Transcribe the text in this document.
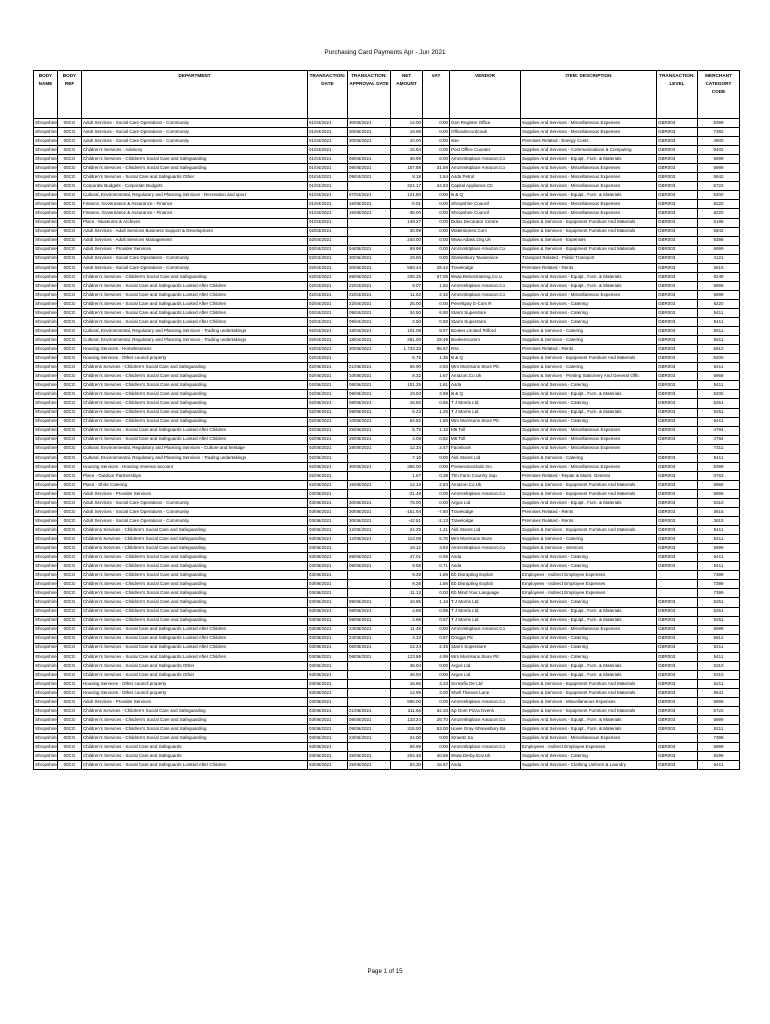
Purchasing Card Payments Apr - Jun 2021
BODY NAME	BODY REF	DEPARTMENT	TRANSACTION: DATE	TRANSACTION: APPROVAL DATE	NET AMOUNT	VAT	VENDOR	ITEM: DESCRIPTION	TRANSACTION: LEVEL	MERCHANT CATEGORY CODE
Shropshire	00CG	Adult Services - Social Care Operations - Community	01/04/2021	30/06/2021	14.00	0.00	Gen Register Office	Supplies And Services - Miscellaneous Expenses	GBR003	9399
Shropshire	00CG	Adult Services - Social Care Operations - Community	01/04/2021	30/06/2021	19.98	0.00	Officialrecordcouk	Supplies And Services - Miscellaneous Expenses	GBR003	7392
Shropshire	00CG	Adult Services - Social Care Operations - Community	01/04/2021	30/06/2021	10.00	0.00	Sse	Premises Related - Energy Costs	GBR003	4900
Shropshire	00CG	Children's Services - Advisory	01/04/2021		15.84	0.00	Post Office Counter	Supplies And Services - Communications & Computing	GBR003	9402
Shropshire	00CG	Children's Services - Children's Social Care and Safeguarding	01/04/2021	08/06/2021	39.99	8.00	Amznmktplace Amazon.Co	Supplies And Services - Equipt., Furn. & Materials	GBR003	5999
Shropshire	00CG	Children's Services - Children's Social Care and Safeguarding	01/04/2021	08/06/2021	157.88	31.59	Amznmktplace Amazon.Co	Supplies And Services - Miscellaneous Expenses	GBR003	5999
Shropshire	00CG	Children's Services - Social Care and Safeguards Other	01/04/2021	09/04/2021	8.18	1.64	Asda Petrol	Supplies And Services - Miscellaneous Expenses	GBR003	5542
Shropshire	00CG	Corporate Budgets - Corporate Budgets	01/04/2021		224.17	44.83	Capital Appliance Ctr	Supplies And Services - Miscellaneous Expenses	GBR003	5722
Shropshire	00CG	Cultural, Environmental, Regulatory and Planning Services - Recreation and sport	01/04/2021	07/04/2021	121.80	0.00	B & Q	Supplies And Services - Equipt., Furn. & Materials	GBR003	5200
Shropshire	00CG	Finance, Governance & Assurance - Finance	01/04/2021	16/06/2021	-0.01	0.00	Shropshire Council	Supplies And Services - Miscellaneous Expenses	GBR003	8220
Shropshire	00CG	Finance, Governance & Assurance - Finance	01/04/2021	16/06/2021	-35.00	0.00	Shropshire Council	Supplies And Services - Miscellaneous Expenses	GBR003	8220
Shropshire	00CG	Place - Museums & Archives	01/04/2021		149.27	0.00	Dulux Decorator Centre	Supplies & Services - Equipment Furniture And Materials	GBR003	5198
Shropshire	00CG	Adult Services - Adult Services Business Support & Development	02/04/2021		30.99	0.00	Waterstones.Com	Supplies & Services - Equipment Furniture And Materials	GBR003	5942
Shropshire	00CG	Adult Services - Adult Services Management	02/04/2021		240.00	0.00	Www.Adass.Org.Uk	Supplies & Services - Expenses	GBR003	8398
Shropshire	00CG	Adult Services - Provider Services	02/04/2021	04/05/2021	69.98	0.00	Amznmktplace Amazon.Co	Supplies & Services - Equipment Furniture And Materials	GBR003	5999
Shropshire	00CG	Adult Services - Social Care Operations - Community	02/04/2021	30/06/2021	19.60	0.00	Shrewsbury Taxiservice	Transport Related - Public Transport	GBR003	4121
Shropshire	00CG	Adult Services - Social Care Operations - Community	02/04/2021	30/06/2021	568.44	28.42	Travelodge	Premises Related - Rents	GBR003	3615
Shropshire	00CG	Children's Services - Children's Social Care and Safeguarding	02/04/2021	08/06/2021	335.25	67.05	Www.Rebostraining.Co.U	Supplies And Services - Equipt., Furn. & Materials	GBR003	8249
Shropshire	00CG	Children's Services - Social Care and Safeguards Looked After Children	02/04/2021	22/04/2021	9.07	1.82	Amznmktplace Amazon.Co	Supplies And Services - Equipt., Furn. & Materials	GBR003	5999
Shropshire	00CG	Children's Services - Social Care and Safeguards Looked After Children	02/04/2021	22/04/2021	11.62	2.32	Amznmktplace Amazon.Co	Supplies And Services - Miscellaneous Expenses	GBR003	5999
Shropshire	00CG	Children's Services - Social Care and Safeguards Looked After Children	02/04/2021	22/04/2021	25.00	0.00	Perrettpay E-Com R	Supplies And Services - Catering	GBR003	8220
Shropshire	00CG	Children's Services - Social Care and Safeguards Looked After Children	02/04/2021	09/04/2021	34.50	6.90	Starrs Superstore	Supplies And Services - Catering	GBR003	5411
Shropshire	00CG	Children's Services - Social Care and Safeguards Looked After Children	02/04/2021	09/04/2021	2.50	0.50	Starrs Superstore	Supplies And Services - Catering	GBR003	5411
Shropshire	00CG	Cultural, Environmental, Regulatory and Planning Services - Trading undertakings	02/04/2021	18/04/2021	101.08	9.57	Booker Limited Telford	Supplies & Services - Catering	GBR003	5811
Shropshire	00CG	Cultural, Environmental, Regulatory and Planning Services - Trading undertakings	02/04/2021	18/04/2021	281.00	29.49	Bookerecomm	Supplies & Services - Catering	GBR003	5811
Shropshire	00CG	Housing Services - Homelessness	02/04/2021	30/06/2021	1,733.33	86.67	Rss	Premises Related - Rents	GBR003	5812
Shropshire	00CG	Housing Services - Other council property	02/04/2021		6.75	1.35	B & Q	Supplies & Services - Equipment Furniture And Materials	GBR003	5200
Shropshire	00CG	Childrens Services - Children's Social Care and Safeguarding	02/06/2021	21/06/2021	69.90	3.50	Wm Morrisons Store Plc	Supplies & Services - Catering	GBR003	5411
Shropshire	00CG	Children's Services - Children's Social Care and Safeguarding	02/06/2021	10/06/2021	8.32	1.67	Amazon.Co.Uk	Supplies & Services - Printing Stationery And General Offic	GBR003	5969
Shropshire	00CG	Children's Services - Children's Social Care and Safeguarding	02/06/2021	08/06/2021	101.25	1.61	Asda	Supplies And Services - Catering	GBR003	5411
Shropshire	00CG	Children's Services - Children's Social Care and Safeguarding	02/06/2021	08/06/2021	19.93	3.99	B & Q	Supplies And Services - Equipt., Furn. & Materials	GBR003	5200
Shropshire	00CG	Children's Services - Children's Social Care and Safeguarding	02/06/2021	08/06/2021	15.60	0.86	T J Morris Ltd	Supplies And Services - Catering	GBR003	5251
Shropshire	00CG	Children's Services - Children's Social Care and Safeguarding	02/06/2021	08/06/2021	6.23	1.25	T J Morris Ltd	Supplies And Services - Equipt., Furn. & Materials	GBR003	5251
Shropshire	00CG	Children's Services - Children's Social Care and Safeguarding	02/06/2021	10/06/2021	64.82	1.86	Wm Morrisons Store Plc	Supplies And Services - Catering	GBR003	5411
Shropshire	00CG	Children's Services - Social Care and Safeguards Looked After Children	02/06/2021	25/06/2021	5.75	1.15	M6 Toll	Supplies And Services - Miscellaneous Expenses	GBR003	4784
Shropshire	00CG	Children's Services - Social Care and Safeguards Looked After Children	02/06/2021	25/06/2021	4.08	0.82	M6 Toll	Supplies And Services - Miscellaneous Expenses	GBR003	4784
Shropshire	00CG	Cultural, Environmental, Regulatory and Planning Services - Culture and heritage	02/06/2021	28/06/2021	12.34	2.47	Facebook	Supplies And Services - Miscellaneous Expenses		7311
Shropshire	00CG	Cultural, Environmental, Regulatory and Planning Services - Trading undertakings	02/06/2021		7.16	0.00	Aldi Stores Ltd	Supplies & Services - Catering	GBR003	5411
Shropshire	00CG	Housing Services - Housing revenue account	02/06/2021	30/06/2021	355.00	0.00	Possessionclaim.Go	Supplies And Services - Miscellaneous Expenses	GBR003	9399
Shropshire	00CG	Place - Outdoor Partnerships	02/06/2021		1.67	0.38	Tfm Farm Country Sup	Premises Related - Repair & Maint. General	GBR003	0763
Shropshire	00CG	Place - Shire Catering	02/06/2021	16/06/2021	14.13	2.83	Amazon.Co.Uk	Supplies & Services - Equipment Furniture And Materials	GBR003	5969
Shropshire	00CG	Adult Services - Provider Services	03/06/2021		-21.49	0.00	Amznmktplace Amazon.Co	Supplies & Services - Equipment Furniture And Materials	GBR003	5999
Shropshire	00CG	Adult Services - Social Care Operations - Community	03/06/2021	30/06/2021	75.00	0.00	Argos Ltd	Supplies And Services - Equipt., Furn. & Materials	GBR003	5310
Shropshire	00CG	Adult Services - Social Care Operations - Community	03/06/2021	30/06/2021	-151.94	-7.60	Travelodge	Premises Related - Rents	GBR003	3615
Shropshire	00CG	Adult Services - Social Care Operations - Community	03/06/2021	30/06/2021	-42.51	-2.13	Travelodge	Premises Related - Rents	GBR003	3615
Shropshire	00CG	Childrens Services - Children's Social Care and Safeguarding	03/06/2021	12/05/2021	24.25	1.21	Aldi Stores Ltd	Supplies & Services - Equipment Furniture And Materials	GBR003	5411
Shropshire	00CG	Childrens Services - Children's Social Care and Safeguarding	03/06/2021	12/05/2021	114.06	5.70	Wm Morrisons Store	Supplies & Services - Catering	GBR003	5411
Shropshire	00CG	Childrens Services - Children's Social Care and Safeguarding	03/06/2021		19.12	3.83	Amznmktplace Amazon.Co	Supplies & Services - Services	GBR003	5999
Shropshire	00CG	Children's Services - Children's Social Care and Safeguarding	03/06/2021	08/06/2021	47.01	0.65	Asda	Supplies And Services - Catering	GBR003	5411
Shropshire	00CG	Children's Services - Children's Social Care and Safeguarding	03/06/2021	08/06/2021	9.58	0.71	Asda	Supplies And Services - Catering	GBR003	5411
Shropshire	00CG	Children's Services - Children's Social Care and Safeguarding	03/06/2021		9.28	1.86	Eb Disrupting Exploit	Employees - Indirect Employee Expenses		7399
Shropshire	00CG	Children's Services - Children's Social Care and Safeguarding	03/06/2021		9.28	1.86	Eb Disrupting Exploit	Employees - Indirect Employee Expenses		7399
Shropshire	00CG	Children's Services - Children's Social Care and Safeguarding	03/06/2021		11.13	0.00	Eb Mind Your Language	Employees - Indirect Employee Expenses		7399
Shropshire	00CG	Children's Services - Children's Social Care and Safeguarding	03/06/2021	08/06/2021	10.95	1.16	T J Morris Ltd	Supplies And Services - Catering	GBR003	5251
Shropshire	00CG	Children's Services - Children's Social Care and Safeguarding	03/06/2021	08/06/2021	4.88	0.98	T J Morris Ltd	Supplies And Services - Equipt., Furn. & Materials	GBR003	5251
Shropshire	00CG	Children's Services - Children's Social Care and Safeguarding	03/06/2021	08/06/2021	2.86	0.57	T J Morris Ltd	Supplies And Services - Equipt., Furn. & Materials	GBR003	5251
Shropshire	00CG	Children's Services - Social Care and Safeguards Looked After Children	03/06/2021	24/05/2021	11.45	0.00	Amznmktplace Amazon.Co	Supplies And Services - Miscellaneous Expenses	GBR003	5999
Shropshire	00CG	Children's Services - Social Care and Safeguards Looked After Children	03/06/2021	24/05/2021	3.33	0.67	Greggs Plc	Supplies And Services - Catering	GBR003	5812
Shropshire	00CG	Children's Services - Social Care and Safeguards Looked After Children	03/06/2021	06/05/2021	12.24	2.45	Starrs Superstore	Supplies And Services - Catering	GBR003	5411
Shropshire	00CG	Children's Services - Social Care and Safeguards Looked After Children	03/06/2021	06/05/2021	123.69	4.99	Wm Morrisons Store Plc	Supplies And Services - Catering	GBR003	5411
Shropshire	00CG	Children's Services - Social Care and Safeguards Other	03/06/2021		48.94	0.00	Argos Ltd	Supplies And Services - Equipt., Furn. & Materials	GBR003	5310
Shropshire	00CG	Children's Services - Social Care and Safeguards Other	03/06/2021		49.93	0.00	Argos Ltd	Supplies And Services - Equipt., Furn. & Materials	GBR003	5310
Shropshire	00CG	Housing Services - Other council property	03/06/2021		16.66	3.33	Screwfix Dir Ltd	Supplies & Services - Equipment Furniture And Materials	GBR003	5211
Shropshire	00CG	Housing Services - Other council property	03/06/2021		14.99	3.00	Shell Thieves Lane	Supplies & Services - Equipment Furniture And Materials	GBR003	5541
Shropshire	00CG	Adult Services - Provider Services	03/06/2021		595.00	0.00	Amznmktplace Amazon.Co	Supplies & Services - Miscellaneous Expenses	GBR003	5999
Shropshire	00CG	Childrens Services - Children's Social Care and Safeguarding	03/06/2021	21/06/2021	311.65	62.33	Sp Oom Pizza Ovens	Supplies & Services - Equipment Furniture And Materials	GBR003	5722
Shropshire	00CG	Children's Services - Children's Social Care and Safeguarding	03/06/2021	08/06/2021	133.24	26.70	Amznmktplace Amazon.Co	Supplies And Services - Equipt., Furn. & Materials	GBR003	5999
Shropshire	00CG	Children's Services - Children's Social Care and Safeguarding	03/06/2021	09/06/2021	315.00	63.00	Howe Gray-Shrewsbury Ba	Supplies And Services - Equipt., Furn. & Materials	GBR003	5211
Shropshire	00CG	Children's Services - Children's Social Care and Safeguarding	03/06/2021	23/06/2021	24.00	0.00	Smeetz Sa	Supplies And Services - Miscellaneous Expenses		7399
Shropshire	00CG	Children's Services - Social Care and Safeguards	03/06/2021		59.99	0.00	Amznmktplace Amazon.Co	Employees - Indirect Employee Expenses	GBR003	5999
Shropshire	00CG	Children's Services - Social Care and Safeguards	03/06/2021	25/06/2021	204.48	40.89	Www.Derby.Gov.Uk	Supplies And Services - Catering	GBR003	8299
Shropshire	00CG	Children's Services - Social Care and Safeguards Looked After Children	03/06/2021	25/06/2021	83.30	16.67	Asda	Supplies And Services - Clothing Uniform & Laundry	GBR003	5411
Page 1 of 15
